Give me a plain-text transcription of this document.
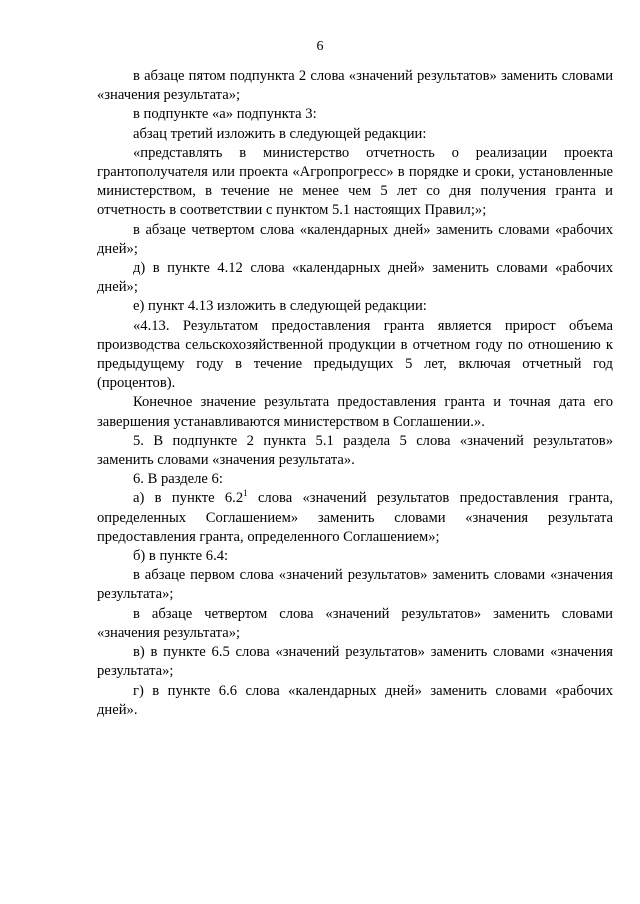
6

в абзаце пятом подпункта 2 слова «значений результатов» заменить словами «значения результата»;

в подпункте «а» подпункта 3:

абзац третий изложить в следующей редакции:

«представлять в министерство отчетность о реализации проекта грантополучателя или проекта «Агропрогресс» в порядке и сроки, установленные министерством, в течение не менее чем 5 лет со дня получения гранта и отчетность в соответствии с пунктом 5.1 настоящих Правил;»;

в абзаце четвертом слова «календарных дней» заменить словами «рабочих дней»;

д) в пункте 4.12 слова «календарных дней» заменить словами «рабочих дней»;

е) пункт 4.13 изложить в следующей редакции:

«4.13. Результатом предоставления гранта является прирост объема производства сельскохозяйственной продукции в отчетном году по отношению к предыдущему году в течение предыдущих 5 лет, включая отчетный год (процентов).

Конечное значение результата предоставления гранта и точная дата его завершения устанавливаются министерством в Соглашении.».

5. В подпункте 2 пункта 5.1 раздела 5 слова «значений результатов» заменить словами «значения результата».

6. В разделе 6:

а) в пункте $6.2^1$ слова «значений результатов предоставления гранта, определенных Соглашением» заменить словами «значения результата предоставления гранта, определенного Соглашением»;

б) в пункте 6.4:

в абзаце первом слова «значений результатов» заменить словами «значения результата»;

в абзаце четвертом слова «значений результатов» заменить словами «значения результата»;

в) в пункте 6.5 слова «значений результатов» заменить словами «значения результата»;

г) в пункте 6.6 слова «календарных дней» заменить словами «рабочих дней».
